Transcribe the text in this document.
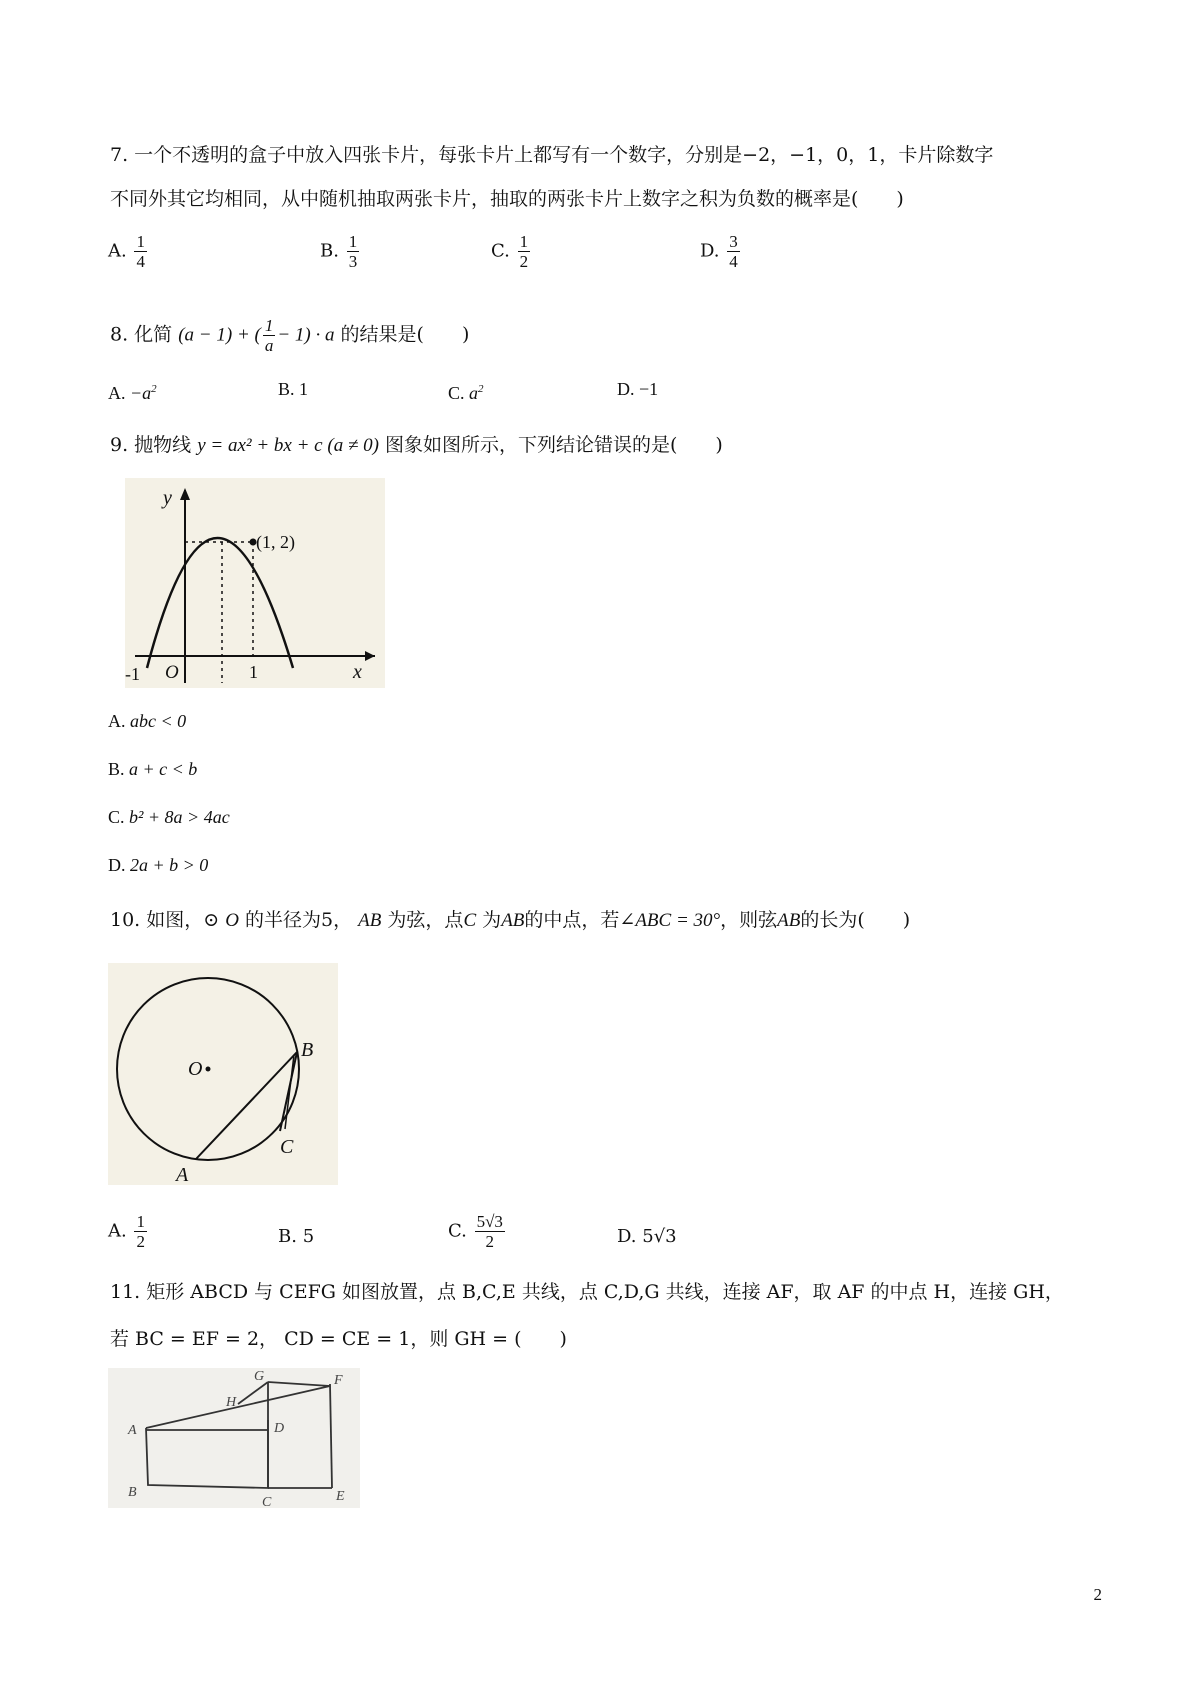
7. 一个不透明的盒子中放入四张卡片，每张卡片上都写有一个数字，分别是−2，−1，0，1，卡片除数字
不同外其它均相同，从中随机抽取两张卡片，抽取的两张卡片上数字之积为负数的概率是(　　)
A. $\frac{1}{4}$	B. $\frac{1}{3}$	C. $\frac{1}{2}$	D. $\frac{3}{4}$
8. 化简 (a − 1) + ( $\frac{1}{a} - 1) \cdot a$ 的结果是(　　)
A. $-a^2$	B. 1	C. $a^2$	D. −1
9. 抛物线 y = ax² + bx + c (a ≠ 0) 图象如图所示，下列结论错误的是(　　)
(1, 2)
y
x
O
-1	1
A. abc < 0
B. a + c < b
C. b² + 8a > 4ac
D. 2a + b > 0
10. 如图，⊙ O 的半径为5， AB 为弦，点C 为AB的中点，若∠ABC = 30°，则弦AB的长为(　　)
O
B
C
A
A. $\frac{1}{2}$	B. 5	C. $\frac{5√3}{2}$	D. 5√3
11. 矩形 ABCD 与 CEFG 如图放置，点 B,C,E 共线，点 C,D,G 共线，连接 AF，取 AF 的中点 H，连接 GH，
若 BC = EF = 2， CD = CE = 1，则 GH = (　　)
A
B
C
D
E
F
G
H
2
